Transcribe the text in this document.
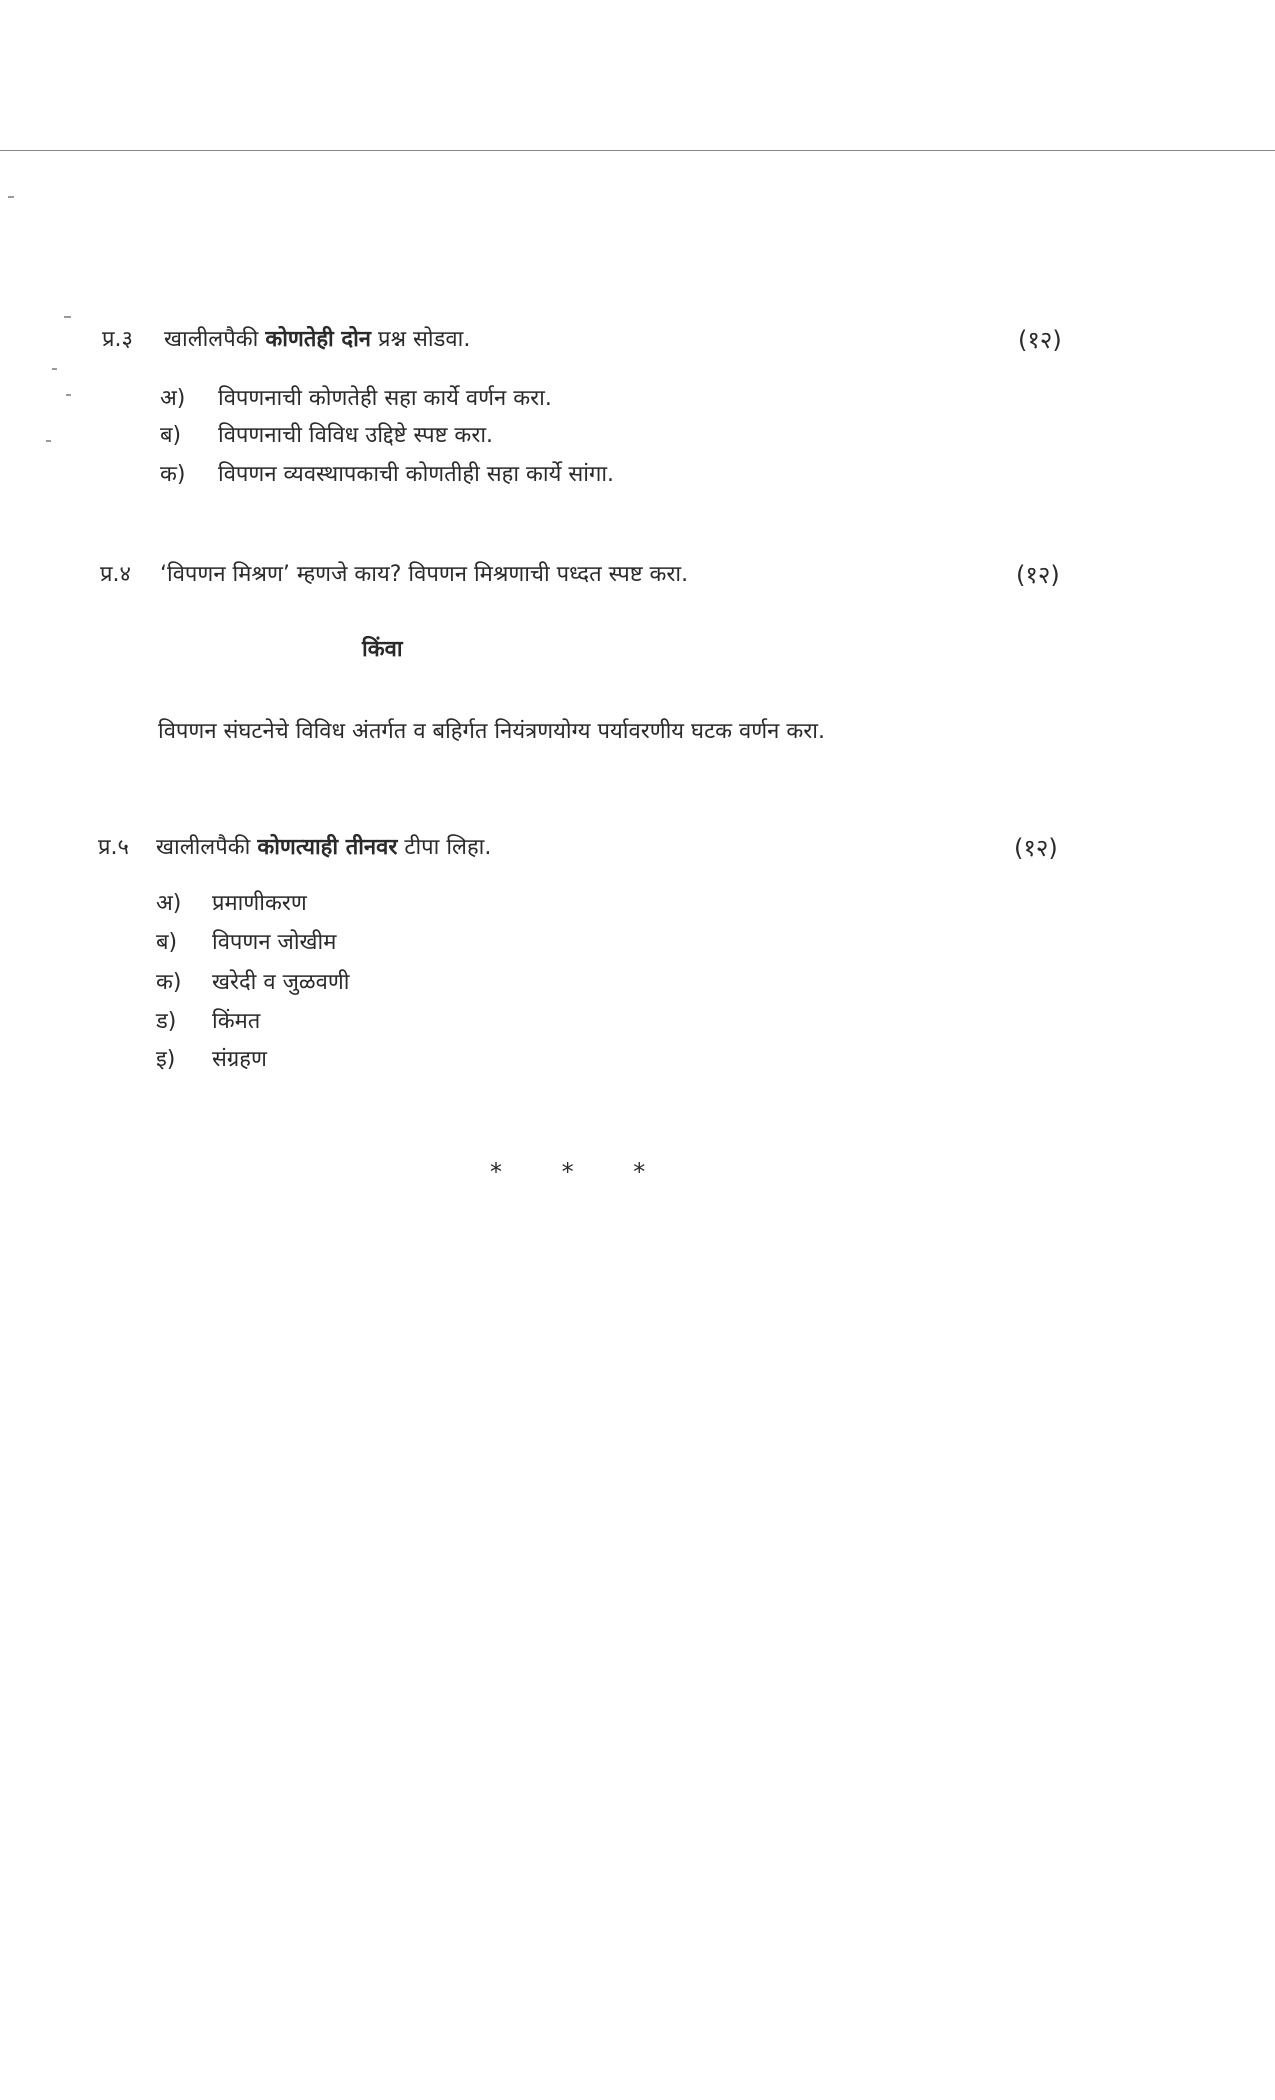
प्र.३ खालीलपैकी कोणतेही दोन प्रश्न सोडवा.	(१२)
अ) विपणनाची कोणतेही सहा कार्ये वर्णन करा.
ब) विपणनाची विविध उद्दिष्टे स्पष्ट करा.
क) विपणन व्यवस्थापकाची कोणतीही सहा कार्ये सांगा.
प्र.४ ‘विपणन मिश्रण’ म्हणजे काय? विपणन मिश्रणाची पध्दत स्पष्ट करा.	(१२)
किंवा
विपणन संघटनेचे विविध अंतर्गत व बहिर्गत नियंत्रणयोग्य पर्यावरणीय घटक वर्णन करा.
प्र.५ खालीलपैकी कोणत्याही तीनवर टीपा लिहा.	(१२)
अ) प्रमाणीकरण
ब) विपणन जोखीम
क) खरेदी व जुळवणी
ड) किंमत
इ) संग्रहण
* * *
